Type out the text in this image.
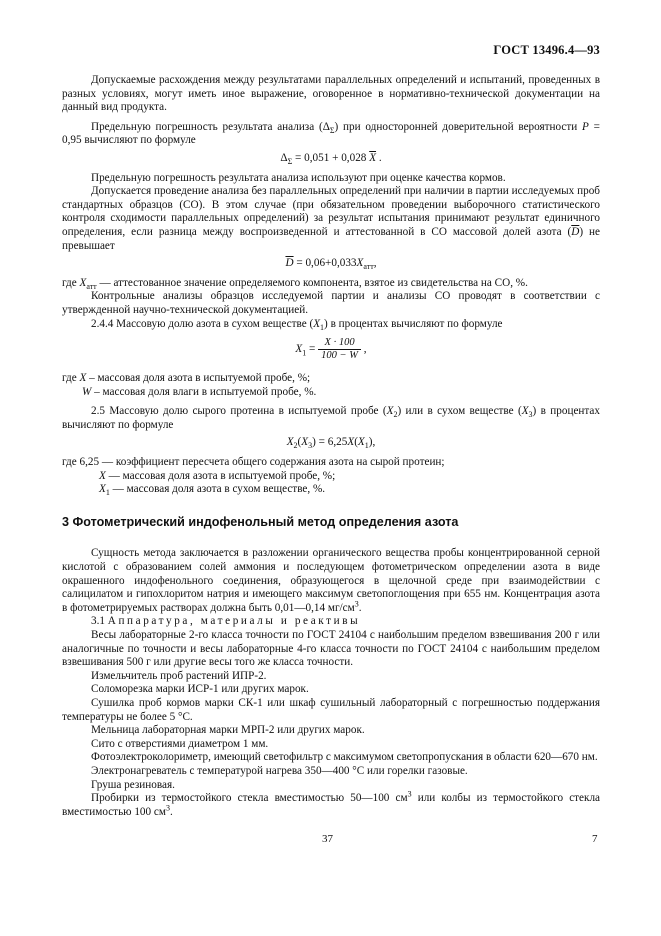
ГОСТ 13496.4—93

Допускаемые расхождения между результатами параллельных определений и испытаний, проведенных в разных условиях, могут иметь иное выражение, оговоренное в нормативно-технической документации на данный вид продукта.

Предельную погрешность результата анализа $(\Delta_\Sigma)$ при односторонней доверительной вероятности P = 0,95 вычисляют по формуле

$\Delta_\Sigma = 0,051 + 0,028$ $\overline{X}$ .

Предельную погрешность результата анализа используют при оценке качества кормов.

Допускается проведение анализа без параллельных определений при наличии в партии исследуемых проб стандартных образцов (СО). В этом случае (при обязательном проведении выборочного статистического контроля сходимости параллельных определений) за результат испытания принимают результат единичного определения, если разница между воспроизведенной и аттестованной в СО массовой долей азота $(\overline{D})$ не превышает

$\overline{D} = 0,06+0,033X_{атт}$,

где $X_{атт}$ — аттестованное значение определяемого компонента, взятое из свидетельства на СО, %.

Контрольные анализы образцов исследуемой партии и анализы СО проводят в соответствии с утвержденной научно-технической документацией.

2.4.4 Массовую долю азота в сухом веществе $(X_1)$ в процентах вычисляют по формуле

$X_1 = \frac{X \cdot 100}{100 - W}$ ,

где X – массовая доля азота в испытуемой пробе, %;

W – массовая доля влаги в испытуемой пробе, %.

2.5 Массовую долю сырого протеина в испытуемой пробе $(X_2)$ или в сухом веществе $(X_3)$ в процентах вычисляют по формуле

$X_2(X_3) = 6,25X(X_1)$,

где 6,25 — коэффициент пересчета общего содержания азота на сырой протеин;

X — массовая доля азота в испытуемой пробе, %;

$X_1$ — массовая доля азота в сухом веществе, %.

3 Фотометрический индофенольный метод определения азота

Сущность метода заключается в разложении органического вещества пробы концентрированной серной кислотой с образованием солей аммония и последующем фотометрическом определении азота в виде окрашенного индофенольного соединения, образующегося в щелочной среде при взаимодействии с салицилатом и гипохлоритом натрия и имеющего максимум светопоглощения при 655 нм. Концентрация азота в фотометрируемых растворах должна быть 0,01—0,14 $мг/см^3$.

3.1 Аппаратура, материалы и реактивы

Весы лабораторные 2-го класса точности по ГОСТ 24104 с наибольшим пределом взвешивания 200 г или аналогичные по точности и весы лабораторные 4-го класса точности по ГОСТ 24104 с наибольшим пределом взвешивания 500 г или другие весы того же класса точности.

Измельчитель проб растений ИПР-2.

Соломорезка марки ИСР-1 или других марок.

Сушилка проб кормов марки СК-1 или шкаф сушильный лабораторный с погрешностью поддержания температуры не более 5 °С.

Мельница лабораторная марки МРП-2 или других марок.

Сито с отверстиями диаметром 1 мм.

Фотоэлектроколориметр, имеющий светофильтр с максимумом светопропускания в области 620—670 нм.

Электронагреватель с температурой нагрева 350—400 °С или горелки газовые.

Груша резиновая.

Пробирки из термостойкого стекла вместимостью 50—100 $см^3$ или колбы из термостойкого стекла вместимостью 100 $см^3$.

37	7
